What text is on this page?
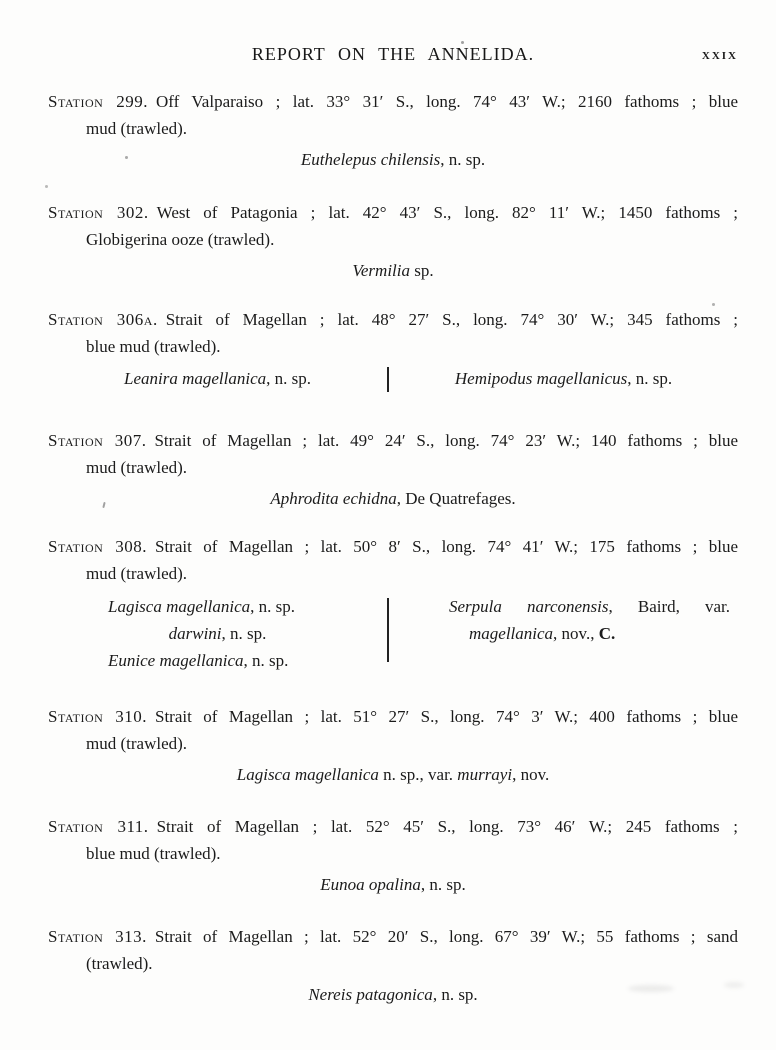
REPORT ON THE ANNELIDA.	xxix
Station 299. Off Valparaiso ; lat. 33° 31′ S., long. 74° 43′ W.; 2160 fathoms ; blue
mud (trawled).
Euthelepus chilensis, n. sp.
Station 302. West of Patagonia ; lat. 42° 43′ S., long. 82° 11′ W.; 1450 fathoms ;
Globigerina ooze (trawled).
Vermilia sp.
Station 306a. Strait of Magellan ; lat. 48° 27′ S., long. 74° 30′ W.; 345 fathoms ;
blue mud (trawled).
Leanira magellanica, n. sp.	Hemipodus magellanicus, n. sp.
Station 307. Strait of Magellan ; lat. 49° 24′ S., long. 74° 23′ W.; 140 fathoms ; blue
mud (trawled).
Aphrodita echidna, De Quatrefages.
Station 308. Strait of Magellan ; lat. 50° 8′ S., long. 74° 41′ W.; 175 fathoms ; blue
mud (trawled).
Lagisca magellanica, n. sp.
darwini, n. sp.
Eunice magellanica, n. sp.
Serpula narconensis, Baird, var.
magellanica, nov., C.
Station 310. Strait of Magellan ; lat. 51° 27′ S., long. 74° 3′ W.; 400 fathoms ; blue
mud (trawled).
Lagisca magellanica n. sp., var. murrayi, nov.
Station 311. Strait of Magellan ; lat. 52° 45′ S., long. 73° 46′ W.; 245 fathoms ;
blue mud (trawled).
Eunoa opalina, n. sp.
Station 313. Strait of Magellan ; lat. 52° 20′ S., long. 67° 39′ W.; 55 fathoms ; sand
(trawled).
Nereis patagonica, n. sp.
